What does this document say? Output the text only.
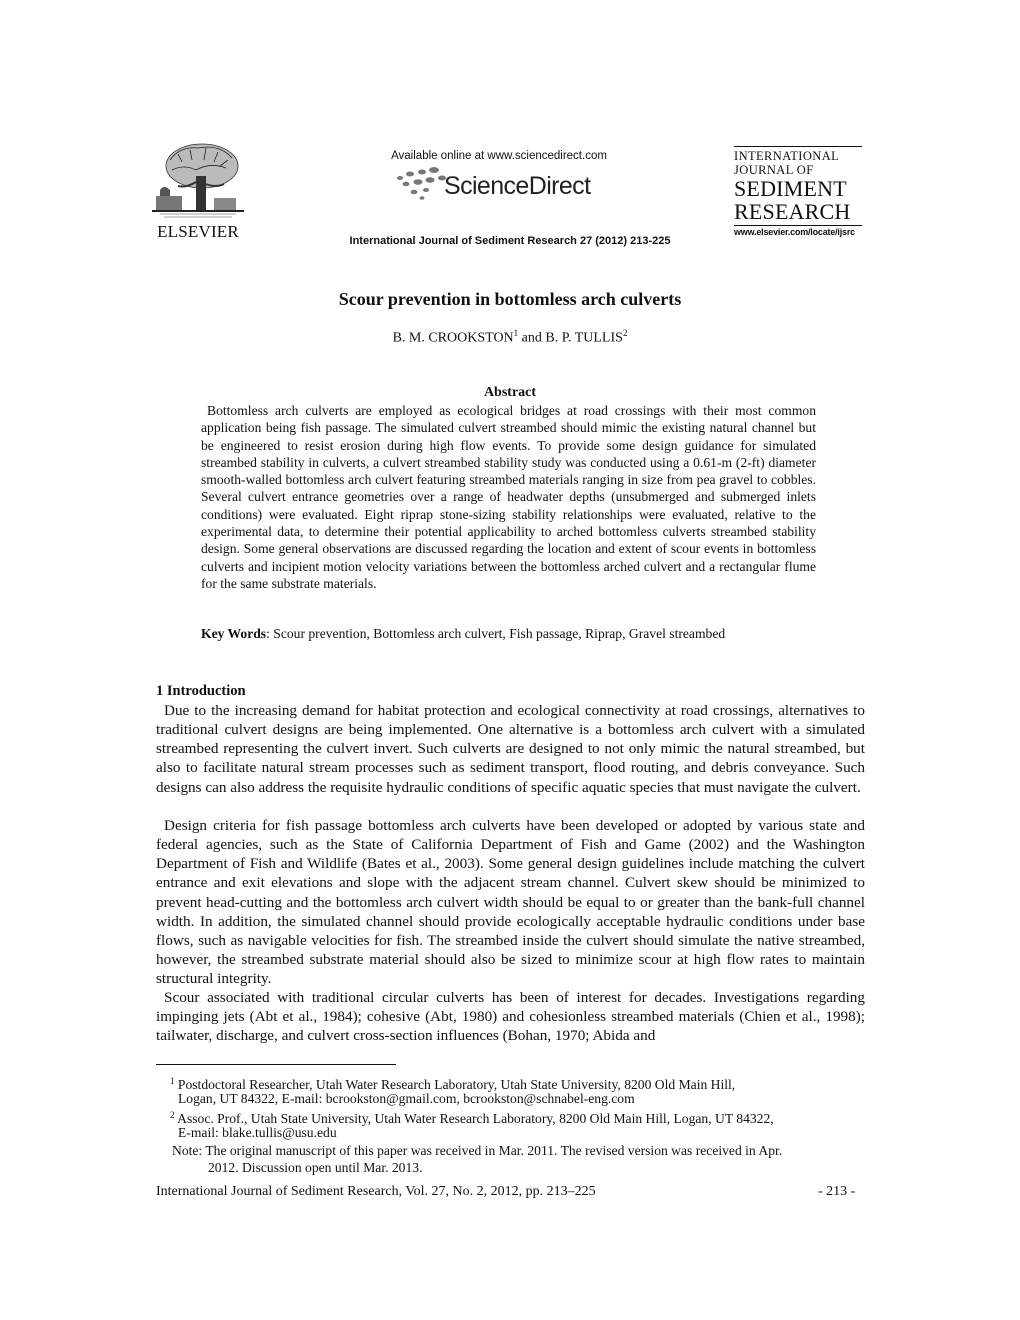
ELSEVIER
Available online at www.sciencedirect.com
ScienceDirect
International Journal of Sediment Research 27 (2012) 213-225
INTERNATIONAL
JOURNAL OF
SEDIMENT
RESEARCH
www.elsevier.com/locate/ijsrc
Scour prevention in bottomless arch culverts
B. M. CROOKSTON$^1$ and B. P. TULLIS$^2$
Abstract

Bottomless arch culverts are employed as ecological bridges at road crossings with their most common application being fish passage. The simulated culvert streambed should mimic the existing natural channel but be engineered to resist erosion during high flow events. To provide some design guidance for simulated streambed stability in culverts, a culvert streambed stability study was conducted using a 0.61-m (2-ft) diameter smooth-walled bottomless arch culvert featuring streambed materials ranging in size from pea gravel to cobbles. Several culvert entrance geometries over a range of headwater depths (unsubmerged and submerged inlets conditions) were evaluated. Eight riprap stone-sizing stability relationships were evaluated, relative to the experimental data, to determine their potential applicability to arched bottomless culverts streambed stability design. Some general observations are discussed regarding the location and extent of scour events in bottomless culverts and incipient motion velocity variations between the bottomless arched culvert and a rectangular flume for the same substrate materials.

Key Words: Scour prevention, Bottomless arch culvert, Fish passage, Riprap, Gravel streambed
1 Introduction

Due to the increasing demand for habitat protection and ecological connectivity at road crossings, alternatives to traditional culvert designs are being implemented. One alternative is a bottomless arch culvert with a simulated streambed representing the culvert invert. Such culverts are designed to not only mimic the natural streambed, but also to facilitate natural stream processes such as sediment transport, flood routing, and debris conveyance. Such designs can also address the requisite hydraulic conditions of specific aquatic species that must navigate the culvert.

Design criteria for fish passage bottomless arch culverts have been developed or adopted by various state and federal agencies, such as the State of California Department of Fish and Game (2002) and the Washington Department of Fish and Wildlife (Bates et al., 2003). Some general design guidelines include matching the culvert entrance and exit elevations and slope with the adjacent stream channel. Culvert skew should be minimized to prevent head-cutting and the bottomless arch culvert width should be equal to or greater than the bank-full channel width. In addition, the simulated channel should provide ecologically acceptable hydraulic conditions under base flows, such as navigable velocities for fish. The streambed inside the culvert should simulate the native streambed, however, the streambed substrate material should also be sized to minimize scour at high flow rates to maintain structural integrity.

Scour associated with traditional circular culverts has been of interest for decades. Investigations regarding impinging jets (Abt et al., 1984); cohesive (Abt, 1980) and cohesionless streambed materials (Chien et al., 1998); tailwater, discharge, and culvert cross-section influences (Bohan, 1970; Abida and

$^1$ Postdoctoral Researcher, Utah Water Research Laboratory, Utah State University, 8200 Old Main Hill,
Logan, UT 84322, E-mail: bcrookston@gmail.com, bcrookston@schnabel-eng.com
$^2$ Assoc. Prof., Utah State University, Utah Water Research Laboratory, 8200 Old Main Hill, Logan, UT 84322,
E-mail: blake.tullis@usu.edu
Note: The original manuscript of this paper was received in Mar. 2011. The revised version was received in Apr.
2012. Discussion open until Mar. 2013.
International Journal of Sediment Research, Vol. 27, No. 2, 2012, pp. 213–225	- 213 -
